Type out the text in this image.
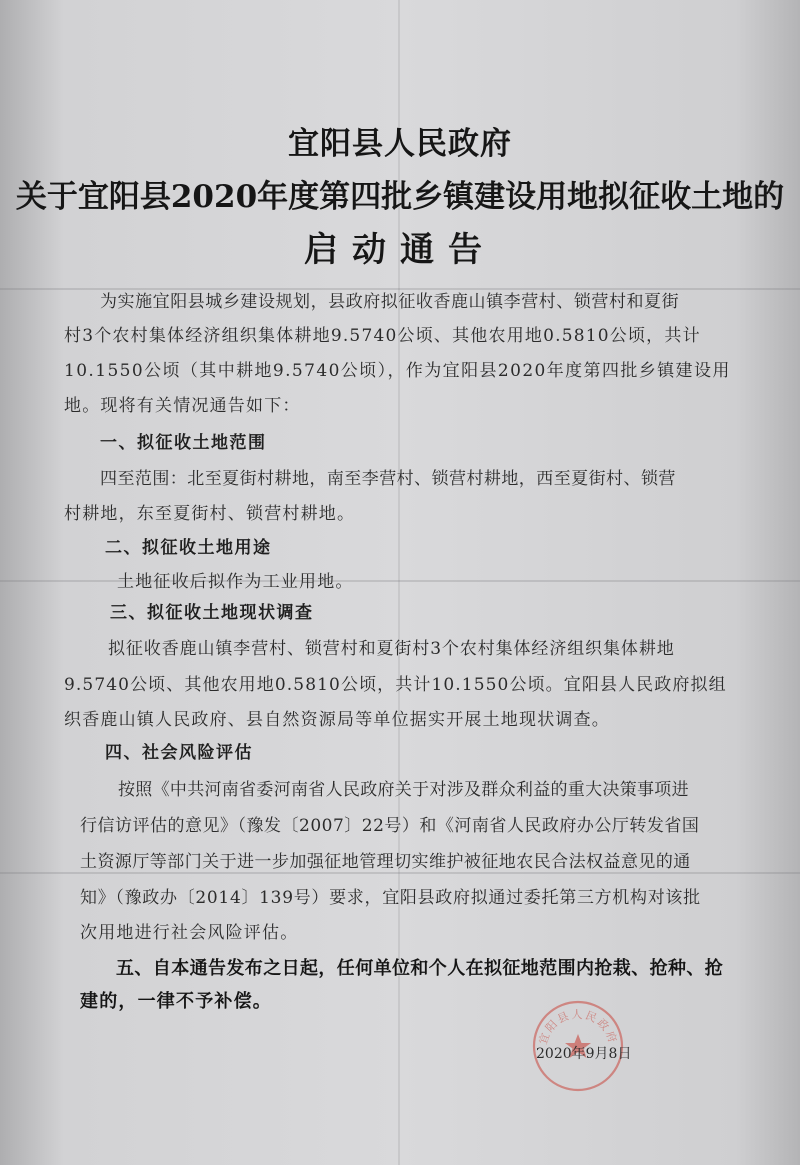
宜阳县人民政府
关于宜阳县2020年度第四批乡镇建设用地拟征收土地的
启动通告
为实施宜阳县城乡建设规划，县政府拟征收香鹿山镇李营村、锁营村和夏街
村3个农村集体经济组织集体耕地9.5740公顷、其他农用地0.5810公顷，共计
10.1550公顷（其中耕地9.5740公顷），作为宜阳县2020年度第四批乡镇建设用
地。现将有关情况通告如下：
一、拟征收土地范围
四至范围：北至夏街村耕地，南至李营村、锁营村耕地，西至夏街村、锁营
村耕地，东至夏街村、锁营村耕地。
二、拟征收土地用途
土地征收后拟作为工业用地。
三、拟征收土地现状调查
拟征收香鹿山镇李营村、锁营村和夏街村3个农村集体经济组织集体耕地
9.5740公顷、其他农用地0.5810公顷，共计10.1550公顷。宜阳县人民政府拟组
织香鹿山镇人民政府、县自然资源局等单位据实开展土地现状调查。
四、社会风险评估
按照《中共河南省委河南省人民政府关于对涉及群众利益的重大决策事项进
行信访评估的意见》（豫发〔2007〕22号）和《河南省人民政府办公厅转发省国
土资源厅等部门关于进一步加强征地管理切实维护被征地农民合法权益意见的通
知》（豫政办〔2014〕139号）要求，宜阳县政府拟通过委托第三方机构对该批
次用地进行社会风险评估。
五、自本通告发布之日起，任何单位和个人在拟征地范围内抢栽、抢种、抢
建的，一律不予补偿。
宜阳县人民政府
2020年9月8日
